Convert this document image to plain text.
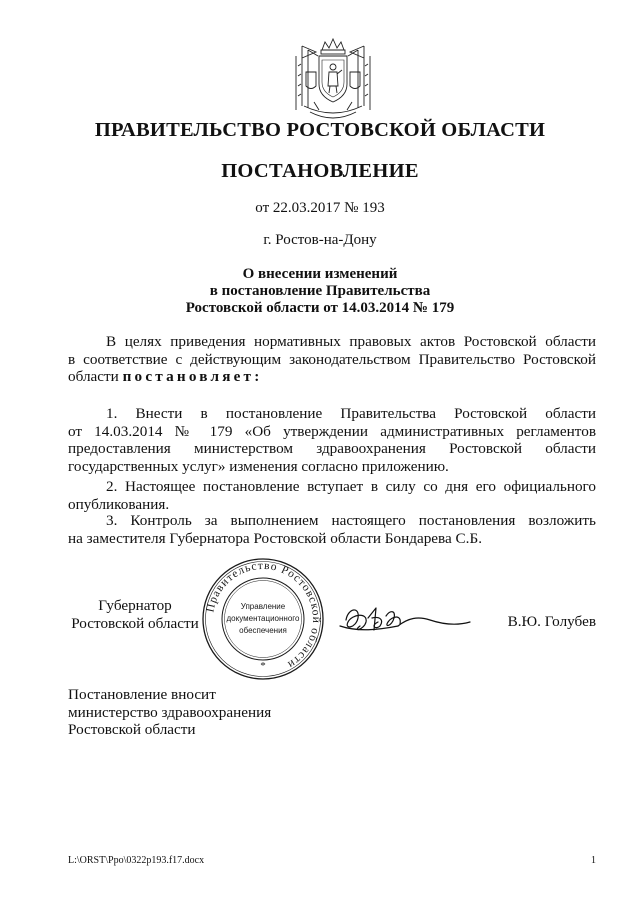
ПРАВИТЕЛЬСТВО РОСТОВСКОЙ ОБЛАСТИ
ПОСТАНОВЛЕНИЕ
от 22.03.2017 № 193
г. Ростов-на-Дону
О внесении изменений
в постановление Правительства
Ростовской области от 14.03.2014 № 179
В целях приведения нормативных правовых актов Ростовской области
в соответствие с действующим законодательством Правительство Ростовской
области постановляет:
1. Внести в постановление Правительства Ростовской области
от 14.03.2014 № 179 «Об утверждении административных регламентов
предоставления министерством здравоохранения Ростовской области
государственных услуг» изменения согласно приложению.
2. Настоящее постановление вступает в силу со дня его официального
опубликования.
3. Контроль за выполнением настоящего постановления возложить
на заместителя Губернатора Ростовской области Бондарева С.Б.
Губернатор
Ростовской области
Правительство Ростовской области
Управление
документационного
обеспечения
*
В.Ю. Голубев
Постановление вносит
министерство здравоохранения
Ростовской области
L:\ORST\Ppo\0322p193.f17.docx	1
